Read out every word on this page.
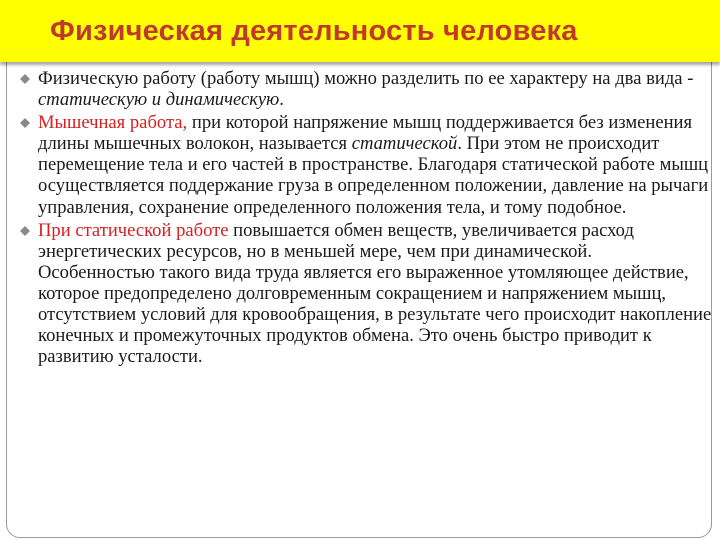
Физическая деятельность человека

Физическую работу (работу мышц) можно разделить по ее характеру на два вида - статическую и динамическую.

Мышечная работа, при которой напряжение мышц поддерживается без изменения длины мышечных волокон, называется статической. При этом не происходит перемещение тела и его частей в пространстве. Благодаря статической работе мышц осуществляется поддержание груза в определенном положении, давление на рычаги управления, сохранение определенного положения тела, и тому подобное.

При статической работе повышается обмен веществ, увеличивается расход энергетических ресурсов, но в меньшей мере, чем при динамической. Особенностью такого вида труда является его выраженное утомляющее действие, которое предопределено долговременным сокращением и напряжением мышц, отсутствием условий для кровообращения, в результате чего происходит накопление конечных и промежуточных продуктов обмена. Это очень быстро приводит к развитию усталости.
